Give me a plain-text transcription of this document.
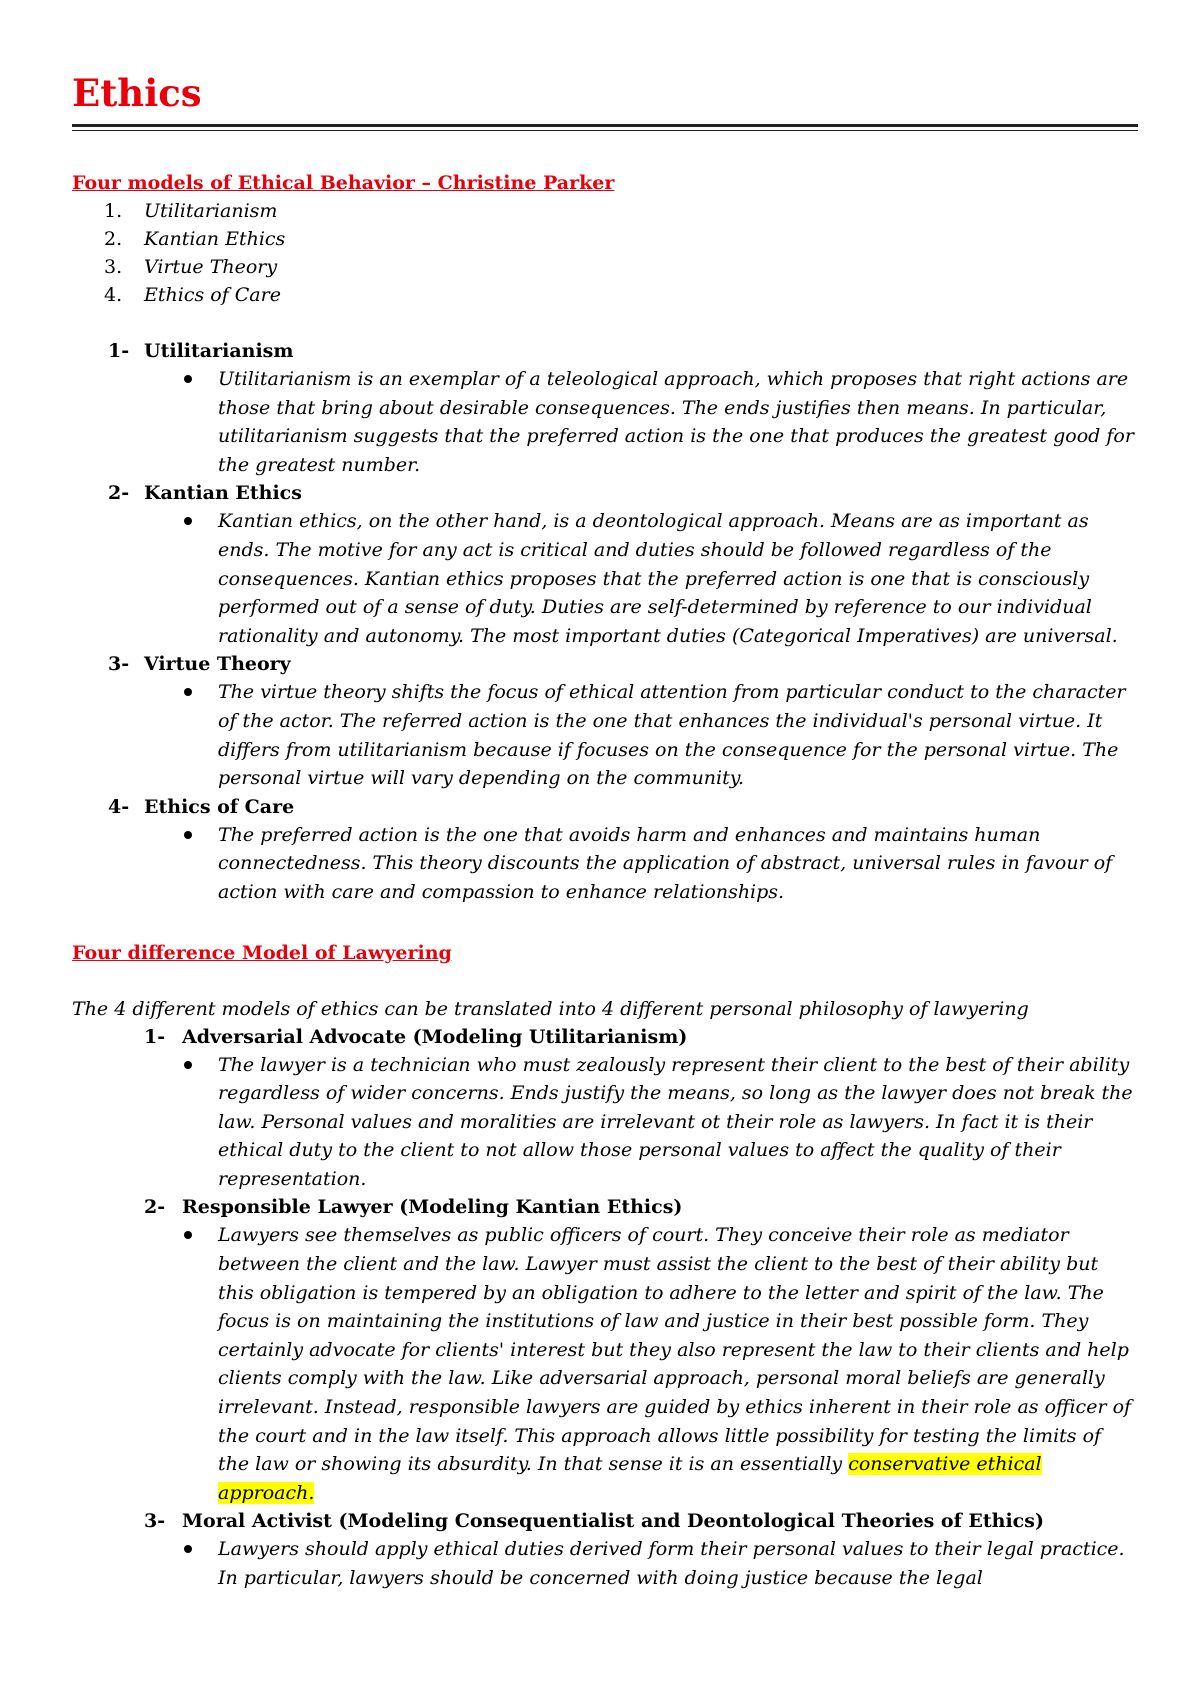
Ethics
Four models of Ethical Behavior – Christine Parker
1 .	Utilitarianism
2 .	Kantian Ethics
3 .	Virtue Theory
4 .	Ethics of Care
1 -	Utilitarianism
Utilitarianism is an exemplar of a teleological approach, which proposes that right actions are those that bring about desirable consequences. The ends justifies then means. In particular, utilitarianism suggests that the preferred action is the one that produces the greatest good for the greatest number.
2 -	Kantian Ethics
Kantian ethics, on the other hand, is a deontological approach. Means are as important as ends. The motive for any act is critical and duties should be followed regardless of the consequences. Kantian ethics proposes that the preferred action is one that is consciously performed out of a sense of duty. Duties are self-determined by reference to our individual rationality and autonomy. The most important duties (Categorical Imperatives) are universal.
3 -	Virtue Theory
The virtue theory shifts the focus of ethical attention from particular conduct to the character of the actor. The referred action is the one that enhances the individual's personal virtue. It differs from utilitarianism because if focuses on the consequence for the personal virtue. The personal virtue will vary depending on the community.
4 -	Ethics of Care
The preferred action is the one that avoids harm and enhances and maintains human connectedness. This theory discounts the application of abstract, universal rules in favour of action with care and compassion to enhance relationships.
Four difference Model of Lawyering
The 4 different models of ethics can be translated into 4 different personal philosophy of lawyering
1 -	Adversarial Advocate (Modeling Utilitarianism)
The lawyer is a technician who must zealously represent their client to the best of their ability regardless of wider concerns. Ends justify the means, so long as the lawyer does not break the law. Personal values and moralities are irrelevant ot their role as lawyers. In fact it is their ethical duty to the client to not allow those personal values to affect the quality of their representation.
2 -	Responsible Lawyer (Modeling Kantian Ethics)
Lawyers see themselves as public officers of court. They conceive their role as mediator between the client and the law. Lawyer must assist the client to the best of their ability but this obligation is tempered by an obligation to adhere to the letter and spirit of the law. The focus is on maintaining the institutions of law and justice in their best possible form. They certainly advocate for clients' interest but they also represent the law to their clients and help clients comply with the law. Like adversarial approach, personal moral beliefs are generally irrelevant. Instead, responsible lawyers are guided by ethics inherent in their role as officer of the court and in the law itself. This approach allows little possibility for testing the limits of the law or showing its absurdity. In that sense it is an essentially conservative ethical approach.
3 -	Moral Activist (Modeling Consequentialist and Deontological Theories of Ethics)
Lawyers should apply ethical duties derived form their personal values to their legal practice. In particular, lawyers should be concerned with doing justice because the legal
